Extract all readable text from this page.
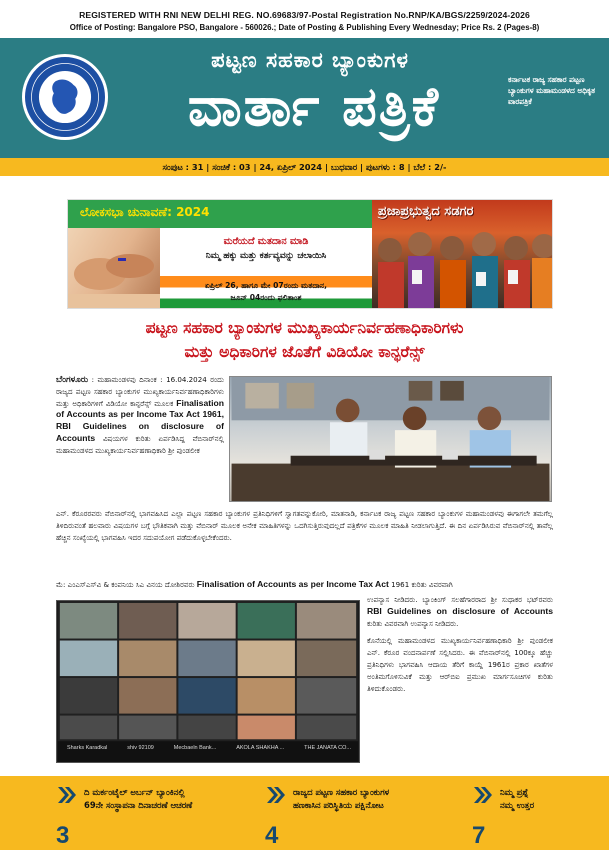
REGISTERED WITH RNI NEW DELHI REG. NO.69683/97-Postal Registration No.RNP/KA/BGS/2259/2024-2026
Office of Posting: Bangalore PSO, Bangalore - 560026.; Date of Posting & Publishing Every Wednesday; Price Rs. 2 (Pages-8)
ಪಟ್ಟಣ ಸಹಕಾರ ಬ್ಯಾಂಕುಗಳ
ವಾರ್ತಾ ಪತ್ರಿಕೆ	ಕರ್ನಾಟಕ ರಾಜ್ಯ ಸಹಕಾರ ಪಟ್ಟಣ ಬ್ಯಾಂಕುಗಳ ಮಹಾಮಂಡಳದ ಅಧಿಕೃತ ವಾರಪತ್ರಿಕೆ
ಸಂಪುಟ : 31 | ಸಂಚಿಕೆ : 03 | 24, ಏಪ್ರಿಲ್ 2024 | ಬುಧವಾರ | ಪುಟಗಳು : 8 | ಬೆಲೆ : 2/-
ಲೋಕಸಭಾ ಚುನಾವಣೆ: 2024
ಮರೆಯದೆ ಮತದಾನ ಮಾಡಿ
ನಿಮ್ಮ ಹಕ್ಕು ಮತ್ತು ಕರ್ತವ್ಯವನ್ನು ಚಲಾಯಿಸಿ
ಏಪ್ರಿಲ್ 26, ಹಾಗೂ ಮೇ 07ರಂದು ಮತದಾನ,
ಜೂನ್ 04ರಂದು ಫಲಿತಾಂಶ
ಪ್ರಜಾಪ್ರಭುತ್ವದ ಸಡಗರ
ಪಟ್ಟಣ ಸಹಕಾರ ಬ್ಯಾಂಕುಗಳ ಮುಖ್ಯಕಾರ್ಯನಿರ್ವಹಣಾಧಿಕಾರಿಗಳು
ಮತ್ತು ಅಧಿಕಾರಿಗಳ ಜೊತೆಗೆ ವಿಡಿಯೋ ಕಾನ್ಫರೆನ್ಸ್
ಬೆಂಗಳೂರು : ಮಹಾಮಂಡಳವು ದಿನಾಂಕ : 16.04.2024 ರಂದು ರಾಜ್ಯದ ಪಟ್ಟಣ ಸಹಕಾರ ಬ್ಯಾಂಕುಗಳ ಮುಖ್ಯಕಾರ್ಯನಿರ್ವಹಣಾಧಿಕಾರಿಗಳು ಮತ್ತು ಅಧಿಕಾರಿಗಳಿಗೆ ವಿಡಿಯೋ ಕಾನ್ಫರೆನ್ಸ್ ಮೂಲಕ Finalisation of Accounts as per Income Tax Act 1961, RBI Guidelines on disclosure of Accounts ವಿಷಯಗಳ ಕುರಿತು ಏರ್ಪಡಿಸಿದ್ದ ವೆಬಿನಾರ್‌ನಲ್ಲಿ ಮಹಾಮಂಡಳದ ಮುಖ್ಯಕಾರ್ಯನಿರ್ವಹಣಾಧಿಕಾರಿ ಶ್ರೀ ಪುಂಡಲೀಕ
ಎನ್. ಕೆರೂರರವರು ವೆಬಿನಾರ್‌ನಲ್ಲಿ ಭಾಗವಹಿಸಿದ ಎಲ್ಲಾ ಪಟ್ಟಣ ಸಹಕಾರ ಬ್ಯಾಂಕುಗಳ ಪ್ರತಿನಿಧಿಗಳಿಗೆ ಸ್ವಾಗತವನ್ನುಕೋರಿ, ಮಾತನಾಡಿ, ಕರ್ನಾಟಕ ರಾಜ್ಯ ಪಟ್ಟಣ ಸಹಕಾರ ಬ್ಯಾಂಕುಗಳ ಮಹಾಮಂಡಳವು ಈಗಾಗಲೇ ತಮಗೆಲ್ಲ ತಿಳಿದಿರುವಂತೆ ಹಲವಾರು ವಿಷಯಗಳ ಬಗ್ಗೆ ಭೌತಿಕವಾಗಿ ಮತ್ತು ವೆಬಿನಾರ್ ಮೂಲಕ ಅನೇಕ ಮಾಹಿತಿಗಳನ್ನು ಒದಗಿಸುತ್ತಿರುವುದಲ್ಲದೆ ಪತ್ರಿಕೆಗಳ ಮೂಲಕ ಮಾಹಿತಿ ನೀಡಲಾಗುತ್ತಿದೆ. ಈ ದಿನ ಏರ್ಪಡಿಸಿರುವ ವೆಬಿನಾರ್‌ನಲ್ಲಿ ತಾವೆಲ್ಲ ಹೆಚ್ಚಿನ ಸಂಖ್ಯೆಯಲ್ಲಿ ಭಾಗವಹಿಸಿ ಇದರ ಸದುಪಯೋಗ ಪಡೆದುಕೊಳ್ಳಬೇಕೆಂದರು.
ಮೆ: ಎಂಎಸ್‌ಎಸ್‌ವಿ & ಕಂಪನಿಯ ಸಿಎ ವಿನಯ ದೋಶಿರವರು Finalisation of Accounts as per Income Tax Act 1961 ಕುರಿತು ವಿವರವಾಗಿ
Sharks Karadkal	shiv 92109	Mecbaeln Bank...	AKOLA SHAKHA ...	THE JANATA CO...
ಉಪನ್ಯಾಸ ನೀಡಿದರು. ಬ್ಯಾಂಕಿಂಗ್ ಸಲಹೆಗಾರರಾದ ಶ್ರೀ ಸುಧಾಕರ ಭಟ್‌ರವರು RBI Guidelines on disclosure of Accounts ಕುರಿತು ವಿವರವಾಗಿ ಉಪನ್ಯಾಸ ನೀಡಿದರು.
ಕೊನೆಯಲ್ಲಿ ಮಹಾಮಂಡಳದ ಮುಖ್ಯಕಾರ್ಯನಿರ್ವಹಣಾಧಿಕಾರಿ ಶ್ರೀ ಪುಂಡಲೀಕ ಎನ್. ಕೆರೂರ ವಂದನಾರ್ಪಣೆ ಸಲ್ಲಿಸಿದರು. ಈ ವೆಬಿನಾರ್‌ನಲ್ಲಿ 100ಕ್ಕೂ ಹೆಚ್ಚು ಪ್ರತಿನಿಧಿಗಳು ಭಾಗವಹಿಸಿ ಆದಾಯ ತೆರಿಗೆ ಕಾಯ್ದೆ 1961ರ ಪ್ರಕಾರ ಖಾತೆಗಳ ಅಂತಿಮಗೊಳಿಸುವಿಕೆ ಮತ್ತು ಆರ್‌ಬಿಐ ಪ್ರಮುಖ ಮಾರ್ಗಸೂಚಿಗಳ ಕುರಿತು ತಿಳಿದುಕೊಂಡರು.
ದಿ ಮರ್ಕಂಟೈಲ್ ಅರ್ಬನ್ ಬ್ಯಾಂಕಿನಲ್ಲಿ
69ನೇ ಸಂಸ್ಥಾಪನಾ ದಿನಾಚರಣೆ ಆಚರಣೆ
3
ರಾಜ್ಯದ ಪಟ್ಟಣ ಸಹಕಾರ ಬ್ಯಾಂಕುಗಳ
ಹಣಕಾಸಿನ ಪರಿಸ್ಥಿತಿಯ ಪಕ್ಷಿನೋಟ
4
ನಿಮ್ಮ ಪ್ರಶ್ನೆ
ನಮ್ಮ ಉತ್ತರ
7
